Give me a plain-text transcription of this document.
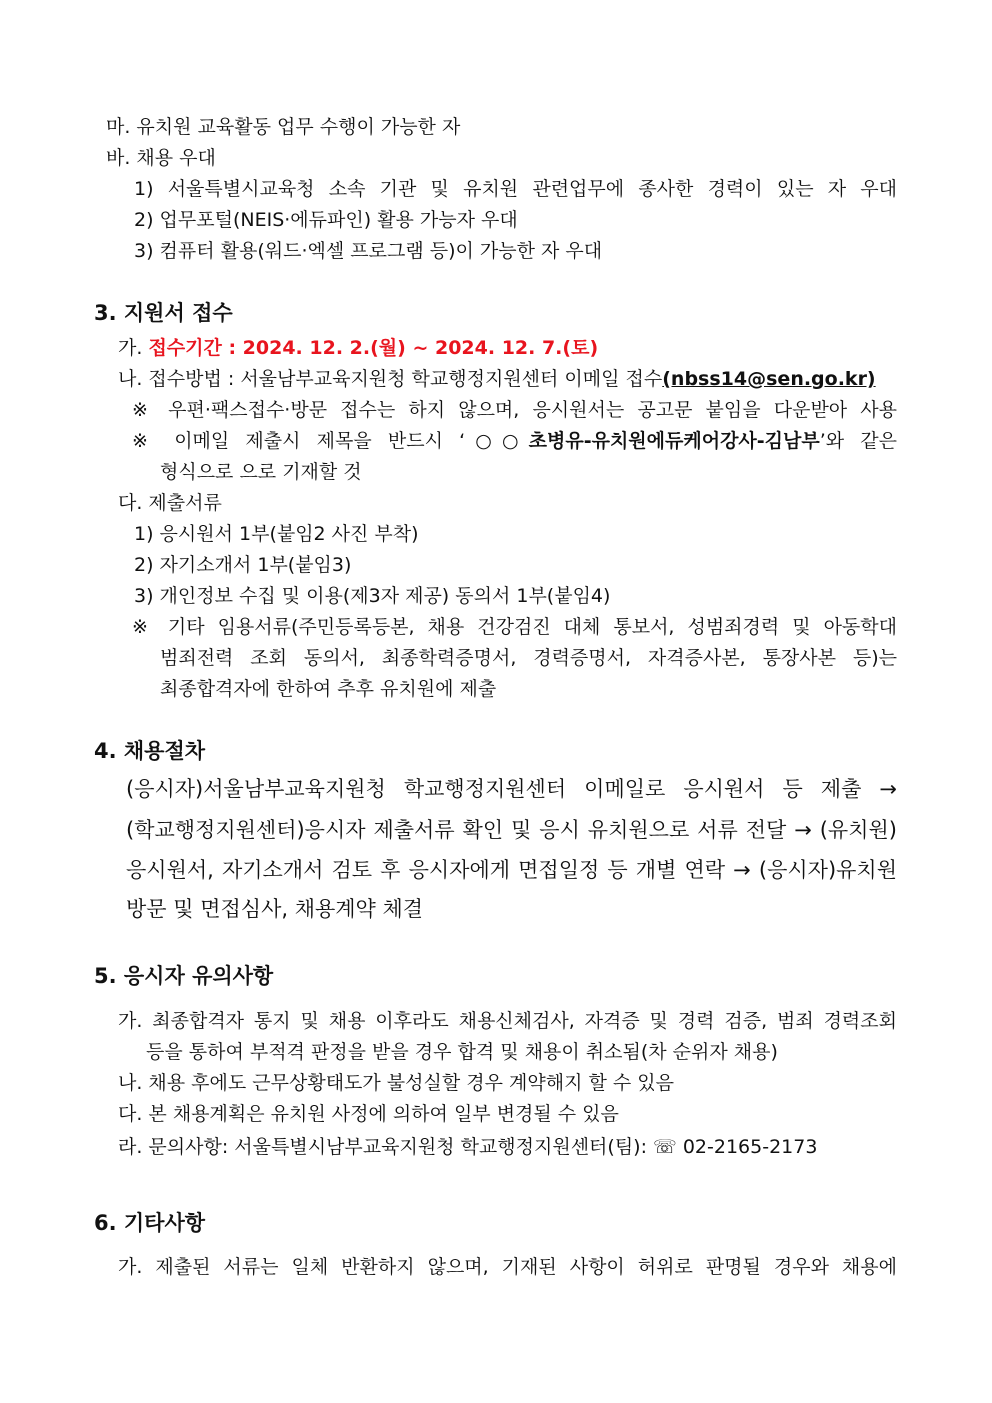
마. 유치원 교육활동 업무 수행이 가능한 자
바. 채용 우대
1) 서울특별시교육청 소속 기관 및 유치원 관련업무에 종사한 경력이 있는 자 우대
2) 업무포털(NEIS·에듀파인) 활용 가능자 우대
3) 컴퓨터 활용(워드·엑셀 프로그램 등)이 가능한 자 우대
3. 지원서 접수
가. 접수기간 : 2024. 12. 2.(월) ~ 2024. 12. 7.(토)
나. 접수방법 : 서울남부교육지원청 학교행정지원센터 이메일 접수(nbss14@sen.go.kr)
※ 우편·팩스접수·방문 접수는 하지 않으며, 응시원서는 공고문 붙임을 다운받아 사용
※ 이메일 제출시 제목을 반드시 ‘○○초병유-유치원에듀케어강사-김남부’와 같은
형식으로 으로 기재할 것
다. 제출서류
1) 응시원서 1부(붙임2 사진 부착)
2) 자기소개서 1부(붙임3)
3) 개인정보 수집 및 이용(제3자 제공) 동의서 1부(붙임4)
※ 기타 임용서류(주민등록등본, 채용 건강검진 대체 통보서, 성범죄경력 및 아동학대
범죄전력 조회 동의서, 최종학력증명서, 경력증명서, 자격증사본, 통장사본 등)는
최종합격자에 한하여 추후 유치원에 제출
4. 채용절차
(응시자)서울남부교육지원청 학교행정지원센터 이메일로 응시원서 등 제출 →
(학교행정지원센터)응시자 제출서류 확인 및 응시 유치원으로 서류 전달 → (유치원)
응시원서, 자기소개서 검토 후 응시자에게 면접일정 등 개별 연락 → (응시자)유치원
방문 및 면접심사, 채용계약 체결
5. 응시자 유의사항
가. 최종합격자 통지 및 채용 이후라도 채용신체검사, 자격증 및 경력 검증, 범죄 경력조회
등을 통하여 부적격 판정을 받을 경우 합격 및 채용이 취소됨(차 순위자 채용)
나. 채용 후에도 근무상황태도가 불성실할 경우 계약해지 할 수 있음
다. 본 채용계획은 유치원 사정에 의하여 일부 변경될 수 있음
라. 문의사항: 서울특별시남부교육지원청 학교행정지원센터(팀): ☏ 02-2165-2173
6. 기타사항
가. 제출된 서류는 일체 반환하지 않으며, 기재된 사항이 허위로 판명될 경우와 채용에
